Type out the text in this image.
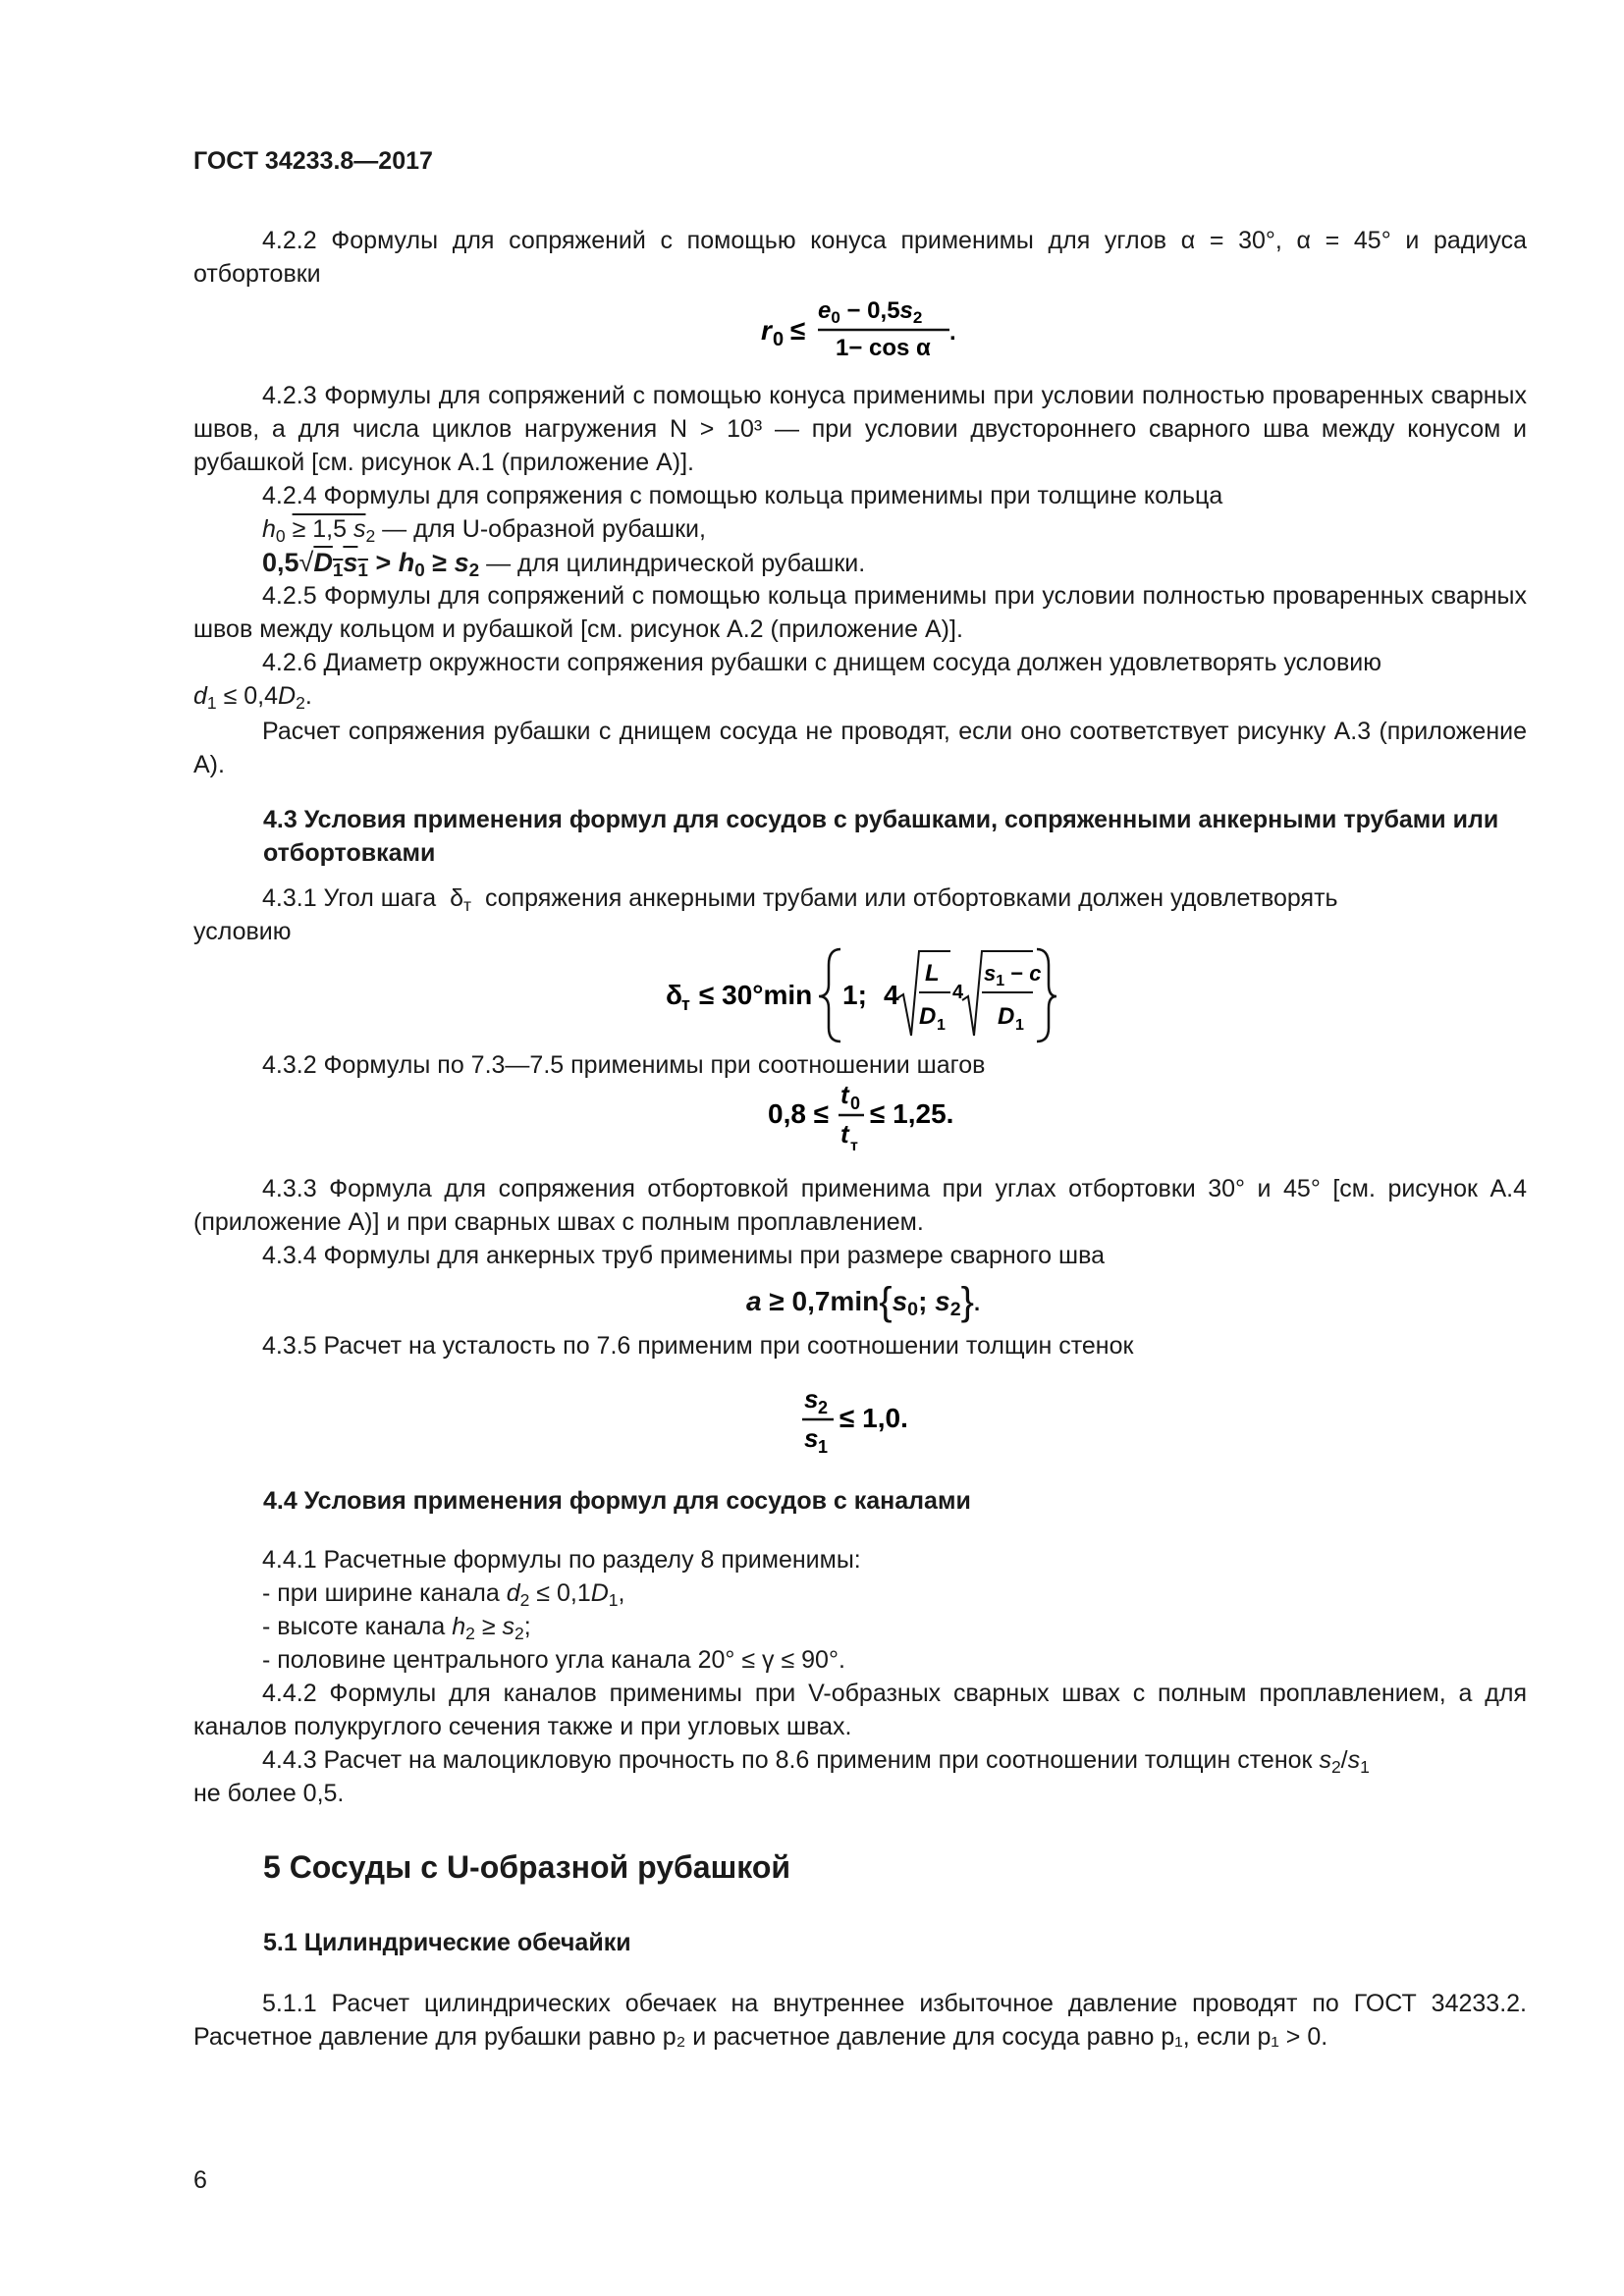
ГОСТ 34233.8—2017
4.2.2 Формулы для сопряжений с помощью конуса применимы для углов α = 30°, α = 45° и радиуса отбортовки
r 0 ≤
$e_0 - 0,5s_2$
1− cos α
.
4.2.3 Формулы для сопряжений с помощью конуса применимы при условии полностью проваренных сварных швов, а для числа циклов нагружения N > 10³ — при условии двустороннего сварного шва между конусом и рубашкой [см. рисунок А.1 (приложение А)].
4.2.4 Формулы для сопряжения с помощью кольца применимы при толщине кольца
$h_0 \ge 1,5$ $s_2$ — для U-образной рубашки,
$0,5√D_1s_1 > h_0 \ge s_2$ — для цилиндрической рубашки.
4.2.5 Формулы для сопряжений с помощью кольца применимы при условии полностью проваренных сварных швов между кольцом и рубашкой [см. рисунок А.2 (приложение А)].
4.2.6 Диаметр окружности сопряжения рубашки с днищем сосуда должен удовлетворять условию
$d_1 \le 0,4D_2$.
Расчет сопряжения рубашки с днищем сосуда не проводят, если оно соответствует рисунку А.3 (приложение А).
4.3 Условия применения формул для сосудов с рубашками, сопряженными анкерными трубами или отбортовками
4.3.1 Угол шага  $\delta_т$ сопряжения анкерными трубами или отбортовками должен удовлетворять
условию
δ т ≤ 30°min 1; 4
L
D 1
4
$s_1 - c$
D 1
4.3.2 Формулы по 7.3—7.5 применимы при соотношении шагов
0,8 ≤
t 0
t т
≤ 1,25.
4.3.3 Формула для сопряжения отбортовкой применима при углах отбортовки 30° и 45° [см. рисунок А.4 (приложение А)] и при сварных швах с полным проплавлением.
4.3.4 Формулы для анкерных труб применимы при размере сварного шва
$a \ge 0,7\min\{s_0$; $s_2$}.
4.3.5 Расчет на усталость по 7.6 применим при соотношении толщин стенок
s 2
s 1
≤ 1,0.
4.4 Условия применения формул для сосудов с каналами
4.4.1 Расчетные формулы по разделу 8 применимы:
- при ширине канала $d_2 \le 0,1D_1$,
- высоте канала $h_2 \ge s_2$;
- половине центрального угла канала 20° ≤ γ ≤ 90°.
4.4.2 Формулы для каналов применимы при V-образных сварных швах с полным проплавлением, а для каналов полукруглого сечения также и при угловых швах.
4.4.3 Расчет на малоцикловую прочность по 8.6 применим при соотношении толщин стенок $s_2/s_1$
не более 0,5.
5 Сосуды с U-образной рубашкой
5.1 Цилиндрические обечайки
5.1.1 Расчет цилиндрических обечаек на внутреннее избыточное давление проводят по ГОСТ 34233.2. Расчетное давление для рубашки равно p₂ и расчетное давление для сосуда равно p₁, если p₁ > 0.
6
